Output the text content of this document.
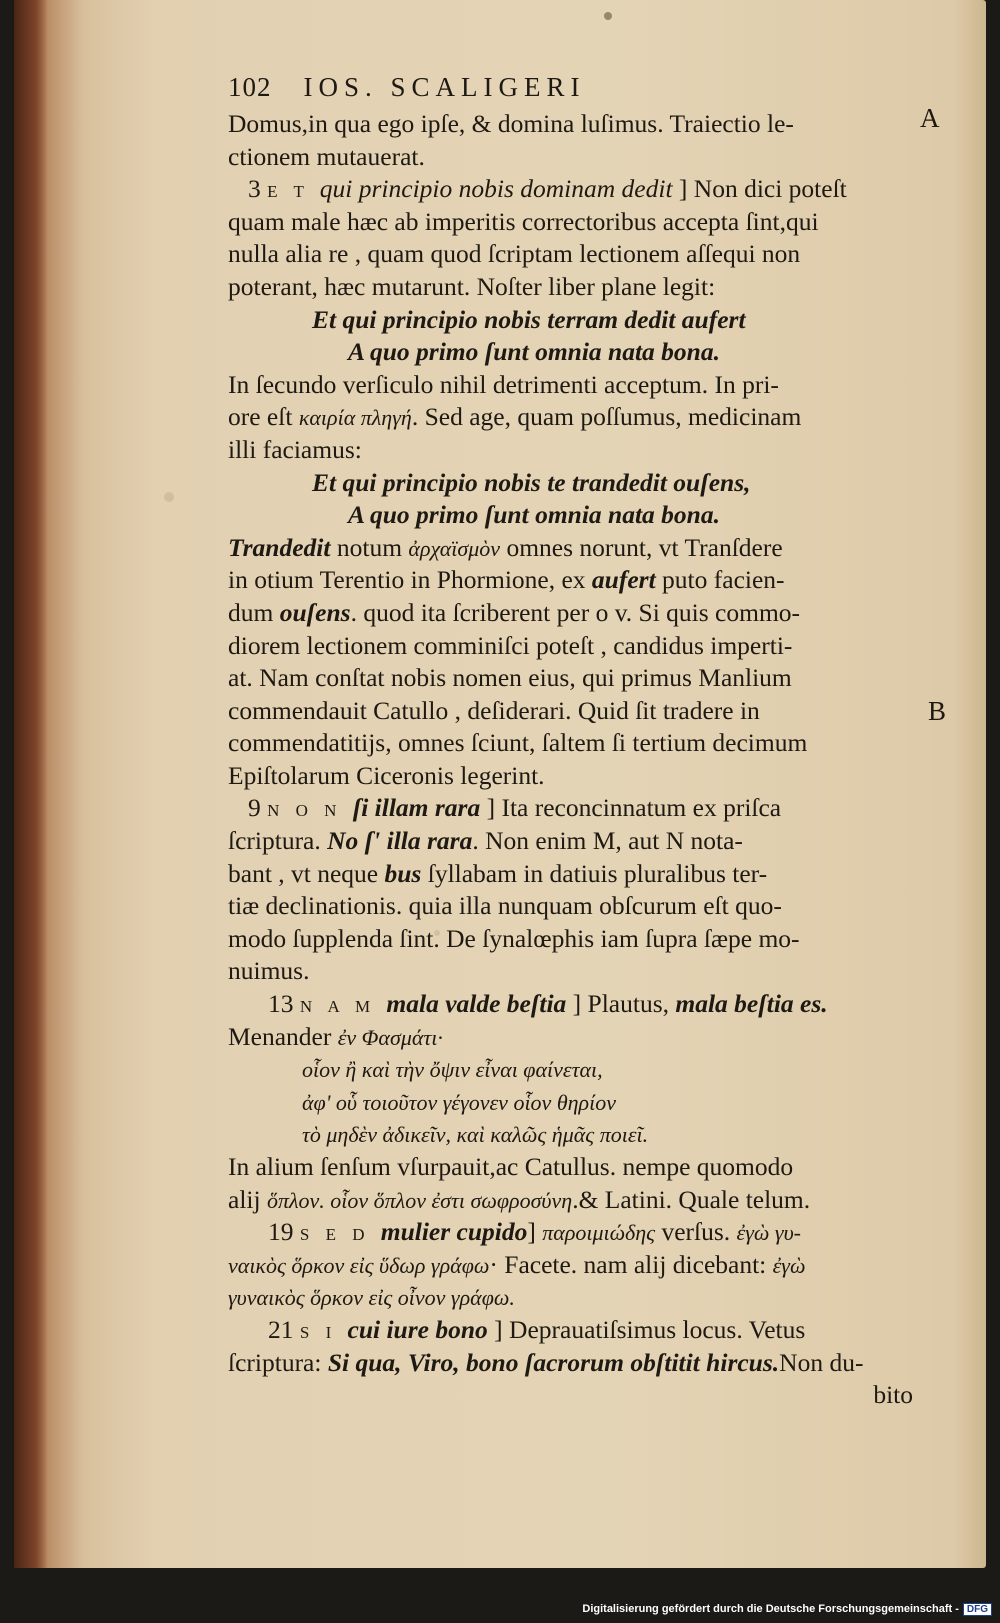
102 IOS. SCALIGERI
Domus,in qua ego ipſe, & domina luſimus. Traiectio le-
ctionem mutauerat.
3 E T qui principio nobis dominam dedit ] Non dici poteſt
quam male hæc ab imperitis correctoribus accepta ſint,qui
nulla alia re , quam quod ſcriptam lectionem aſſequi non
poterant, hæc mutarunt. Noſter liber plane legit:
Et qui principio nobis terram dedit aufert
A quo primo ſunt omnia nata bona.
In ſecundo verſiculo nihil detrimenti acceptum. In pri-
ore eſt καιρία πληγή. Sed age, quam poſſumus, medicinam
illi faciamus:
Et qui principio nobis te trandedit ouſens,
A quo primo ſunt omnia nata bona.
Trandedit notum ἀρχαϊσμὸν omnes norunt, vt Tranſdere
in otium Terentio in Phormione, ex aufert puto facien-
dum ouſens. quod ita ſcriberent per o v. Si quis commo-
diorem lectionem comminiſci poteſt , candidus imperti-
at. Nam conſtat nobis nomen eius, qui primus Manlium
commendauit Catullo , deſiderari. Quid ſit tradere in
commendatitijs, omnes ſciunt, ſaltem ſi tertium decimum
Epiſtolarum Ciceronis legerint.
9 N O N ſi illam rara ] Ita reconcinnatum ex priſca
ſcriptura. No ſ' illa rara. Non enim M, aut N nota-
bant , vt neque bus ſyllabam in datiuis pluralibus ter-
tiæ declinationis. quia illa nunquam obſcurum eſt quo-
modo ſupplenda ſint. De ſynalœphis iam ſupra ſæpe mo-
nuimus.
13 N A M mala valde beſtia ] Plautus, mala beſtia es.
Menander ἐν Φασμάτι·
οἷον ἢ καὶ τὴν ὄψιν εἶναι φαίνεται,
ἀφ' οὗ τοιοῦτον γέγονεν οἷον θηρίον
τὸ μηδὲν ἀδικεῖν, καὶ καλῶς ἡμᾶς ποιεῖ.
In alium ſenſum vſurpauit,ac Catullus. nempe quomodo
alij ὅπλον. οἷον ὅπλον ἐστι σωφροσύνη.& Latini. Quale telum.
19 S E D mulier cupido] παροιμιώδης verſus. ἐγὼ γυ-
ναικὸς ὅρκον εἰς ὕδωρ γράφω· Facete. nam alij dicebant: ἐγὼ
γυναικὸς ὅρκον εἰς οἶνον γράφω.
21 S I cui iure bono ] Deprauatiſsimus locus. Vetus
ſcriptura: Si qua, Viro, bono ſacrorum obſtitit hircus.Non du-
bito
A
B
Digitalisierung gefördert durch die Deutsche Forschungsgemeinschaft - DFG
